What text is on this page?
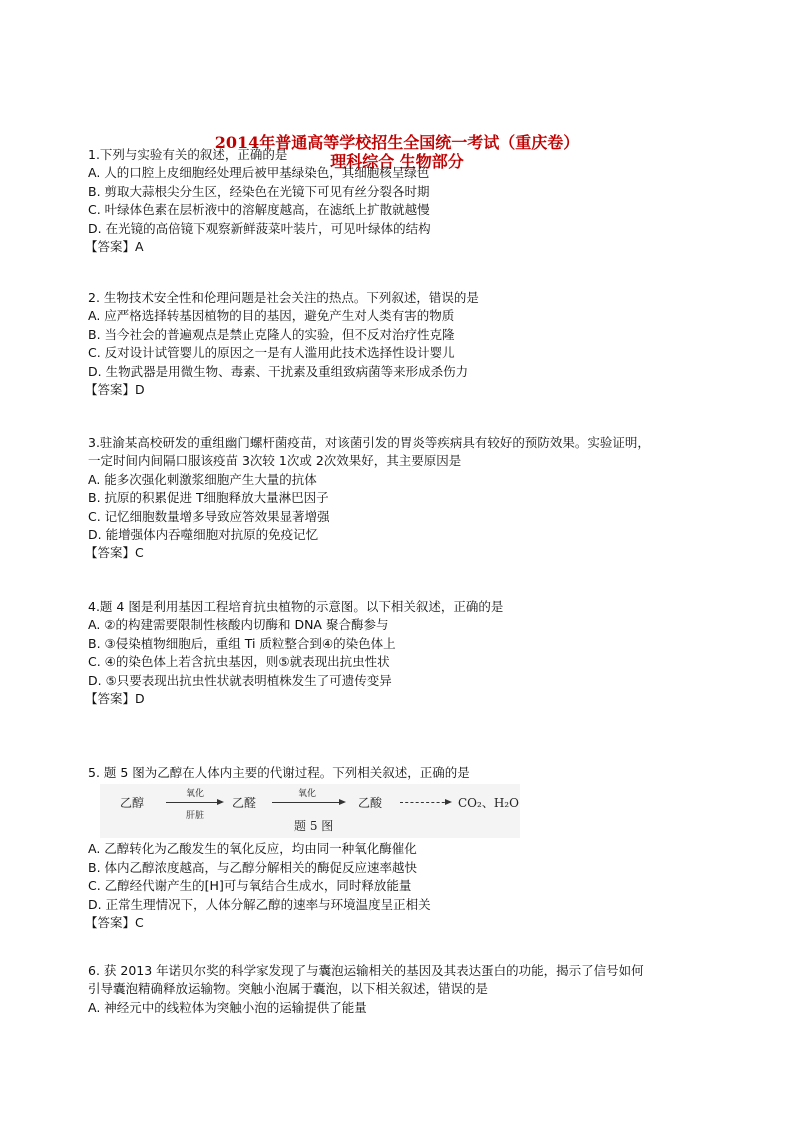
2014年普通高等学校招生全国统一考试（重庆卷）
理科综合 生物部分
1.下列与实验有关的叙述，正确的是
A. 人的口腔上皮细胞经处理后被甲基绿染色，其细胞核呈绿色
B. 剪取大蒜根尖分生区，经染色在光镜下可见有丝分裂各时期
C. 叶绿体色素在层析液中的溶解度越高，在滤纸上扩散就越慢
D. 在光镜的高倍镜下观察新鲜菠菜叶装片，可见叶绿体的结构
【答案】A
2. 生物技术安全性和伦理问题是社会关注的热点。下列叙述，错误的是
A. 应严格选择转基因植物的目的基因，避免产生对人类有害的物质
B. 当今社会的普遍观点是禁止克隆人的实验，但不反对治疗性克隆
C. 反对设计试管婴儿的原因之一是有人滥用此技术选择性设计婴儿
D. 生物武器是用微生物、毒素、干扰素及重组致病菌等来形成杀伤力
【答案】D
3.驻渝某高校研发的重组幽门螺杆菌疫苗，对该菌引发的胃炎等疾病具有较好的预防效果。实验证明，
一定时间内间隔口服该疫苗 3次较 1次或 2次效果好，其主要原因是
A. 能多次强化刺激浆细胞产生大量的抗体
B. 抗原的积累促进 T细胞释放大量淋巴因子
C. 记忆细胞数量增多导致应答效果显著增强
D. 能增强体内吞噬细胞对抗原的免疫记忆
【答案】C
4.题 4 图是利用基因工程培育抗虫植物的示意图。以下相关叙述，正确的是
A. ②的构建需要限制性核酸内切酶和 DNA 聚合酶参与
B. ③侵染植物细胞后，重组 Ti 质粒整合到④的染色体上
C. ④的染色体上若含抗虫基因，则⑤就表现出抗虫性状
D. ⑤只要表现出抗虫性状就表明植株发生了可遗传变异
【答案】D
5. 题 5 图为乙醇在人体内主要的代谢过程。下列相关叙述，正确的是
乙醇
氧化
肝脏
乙醛
氧化
乙酸	CO₂、H₂O
题 5 图
A. 乙醇转化为乙酸发生的氧化反应，均由同一种氧化酶催化
B. 体内乙醇浓度越高，与乙醇分解相关的酶促反应速率越快
C. 乙醇经代谢产生的[H]可与氧结合生成水，同时释放能量
D. 正常生理情况下，人体分解乙醇的速率与环境温度呈正相关
【答案】C
6. 获 2013 年诺贝尔奖的科学家发现了与囊泡运输相关的基因及其表达蛋白的功能，揭示了信号如何
引导囊泡精确释放运输物。突触小泡属于囊泡，以下相关叙述，错误的是
A. 神经元中的线粒体为突触小泡的运输提供了能量
